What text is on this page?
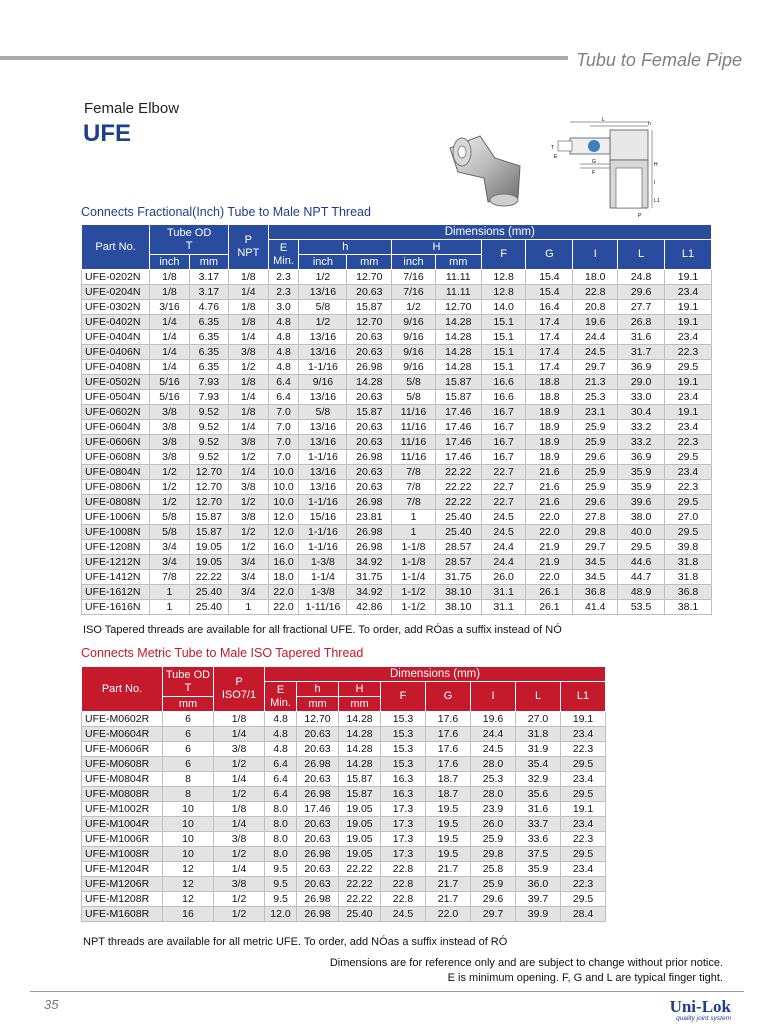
Tubu to Female Pipe
Female Elbow
UFE	L
h
T
G
F
H
I
P
L1
E
Connects Fractional(Inch) Tube to Male NPT Thread
Part No.	Tube OD
T		P
NPT	Dimensions (mm)									
				E
Min.	h		H		F	G	I	L	L1
	inch	mm			inch	mm	inch	mm					
UFE-0202N	1/8	3.17	1/8	2.3	1/2	12.70	7/16	11.11	12.8	15.4	18.0	24.8	19.1
UFE-0204N	1/8	3.17	1/4	2.3	13/16	20.63	7/16	11.11	12.8	15.4	22.8	29.6	23.4
UFE-0302N	3/16	4.76	1/8	3.0	5/8	15.87	1/2	12.70	14.0	16.4	20.8	27.7	19.1
UFE-0402N	1/4	6.35	1/8	4.8	1/2	12.70	9/16	14.28	15.1	17.4	19.6	26.8	19.1
UFE-0404N	1/4	6.35	1/4	4.8	13/16	20.63	9/16	14.28	15.1	17.4	24.4	31.6	23.4
UFE-0406N	1/4	6.35	3/8	4.8	13/16	20.63	9/16	14.28	15.1	17.4	24.5	31.7	22.3
UFE-0408N	1/4	6.35	1/2	4.8	1-1/16	26.98	9/16	14.28	15.1	17.4	29.7	36.9	29.5
UFE-0502N	5/16	7.93	1/8	6.4	9/16	14.28	5/8	15.87	16.6	18.8	21.3	29.0	19.1
UFE-0504N	5/16	7.93	1/4	6.4	13/16	20.63	5/8	15.87	16.6	18.8	25.3	33.0	23.4
UFE-0602N	3/8	9.52	1/8	7.0	5/8	15.87	11/16	17.46	16.7	18.9	23.1	30.4	19.1
UFE-0604N	3/8	9.52	1/4	7.0	13/16	20.63	11/16	17.46	16.7	18.9	25.9	33.2	23.4
UFE-0606N	3/8	9.52	3/8	7.0	13/16	20.63	11/16	17.46	16.7	18.9	25.9	33.2	22.3
UFE-0608N	3/8	9.52	1/2	7.0	1-1/16	26.98	11/16	17.46	16.7	18.9	29.6	36.9	29.5
UFE-0804N	1/2	12.70	1/4	10.0	13/16	20.63	7/8	22.22	22.7	21.6	25.9	35.9	23.4
UFE-0806N	1/2	12.70	3/8	10.0	13/16	20.63	7/8	22.22	22.7	21.6	25.9	35.9	22.3
UFE-0808N	1/2	12.70	1/2	10.0	1-1/16	26.98	7/8	22.22	22.7	21.6	29.6	39.6	29.5
UFE-1006N	5/8	15.87	3/8	12.0	15/16	23.81	1	25.40	24.5	22.0	27.8	38.0	27.0
UFE-1008N	5/8	15.87	1/2	12.0	1-1/16	26.98	1	25.40	24.5	22.0	29.8	40.0	29.5
UFE-1208N	3/4	19.05	1/2	16.0	1-1/16	26.98	1-1/8	28.57	24.4	21.9	29.7	29.5	39.8
UFE-1212N	3/4	19.05	3/4	16.0	1-3/8	34.92	1-1/8	28.57	24.4	21.9	34.5	44.6	31.8
UFE-1412N	7/8	22.22	3/4	18.0	1-1/4	31.75	1-1/4	31.75	26.0	22.0	34.5	44.7	31.8
UFE-1612N	1	25.40	3/4	22.0	1-3/8	34.92	1-1/2	38.10	31.1	26.1	36.8	48.9	36.8
UFE-1616N	1	25.40	1	22.0	1-11/16	42.86	1-1/2	38.10	31.1	26.1	41.4	53.5	38.1
ISO Tapered threads are available for all fractional UFE. To order, add RÓas a suffix instead of NÓ
Connects Metric Tube to Male ISO Tapered Thread
Part No.	Tube OD
T	P
ISO7/1	Dimensions (mm)							
			E
Min.	h	H	F	G	I	L	L1
	mm			mm	mm					
UFE-M0602R	6	1/8	4.8	12.70	14.28	15.3	17.6	19.6	27.0	19.1
UFE-M0604R	6	1/4	4.8	20.63	14.28	15.3	17.6	24.4	31.8	23.4
UFE-M0606R	6	3/8	4.8	20.63	14.28	15.3	17.6	24.5	31.9	22.3
UFE-M0608R	6	1/2	6.4	26.98	14.28	15.3	17.6	28.0	35.4	29.5
UFE-M0804R	8	1/4	6.4	20.63	15.87	16.3	18.7	25.3	32.9	23.4
UFE-M0808R	8	1/2	6.4	26.98	15.87	16.3	18.7	28.0	35.6	29.5
UFE-M1002R	10	1/8	8.0	17.46	19.05	17.3	19.5	23.9	31.6	19.1
UFE-M1004R	10	1/4	8.0	20.63	19.05	17.3	19.5	26.0	33.7	23.4
UFE-M1006R	10	3/8	8.0	20.63	19.05	17.3	19.5	25.9	33.6	22.3
UFE-M1008R	10	1/2	8.0	26.98	19.05	17.3	19.5	29.8	37.5	29.5
UFE-M1204R	12	1/4	9.5	20.63	22.22	22.8	21.7	25.8	35.9	23.4
UFE-M1206R	12	3/8	9.5	20.63	22.22	22.8	21.7	25.9	36.0	22.3
UFE-M1208R	12	1/2	9.5	26.98	22.22	22.8	21.7	29.6	39.7	29.5
UFE-M1608R	16	1/2	12.0	26.98	25.40	24.5	22.0	29.7	39.9	28.4
NPT threads are available for all metric UFE. To order, add NÓas a suffix instead of RÓ
Dimensions are for reference only and are subject to change without prior notice.
E is minimum opening. F, G and L are typical finger tight.
35	Uni-Lok
quality joint system
